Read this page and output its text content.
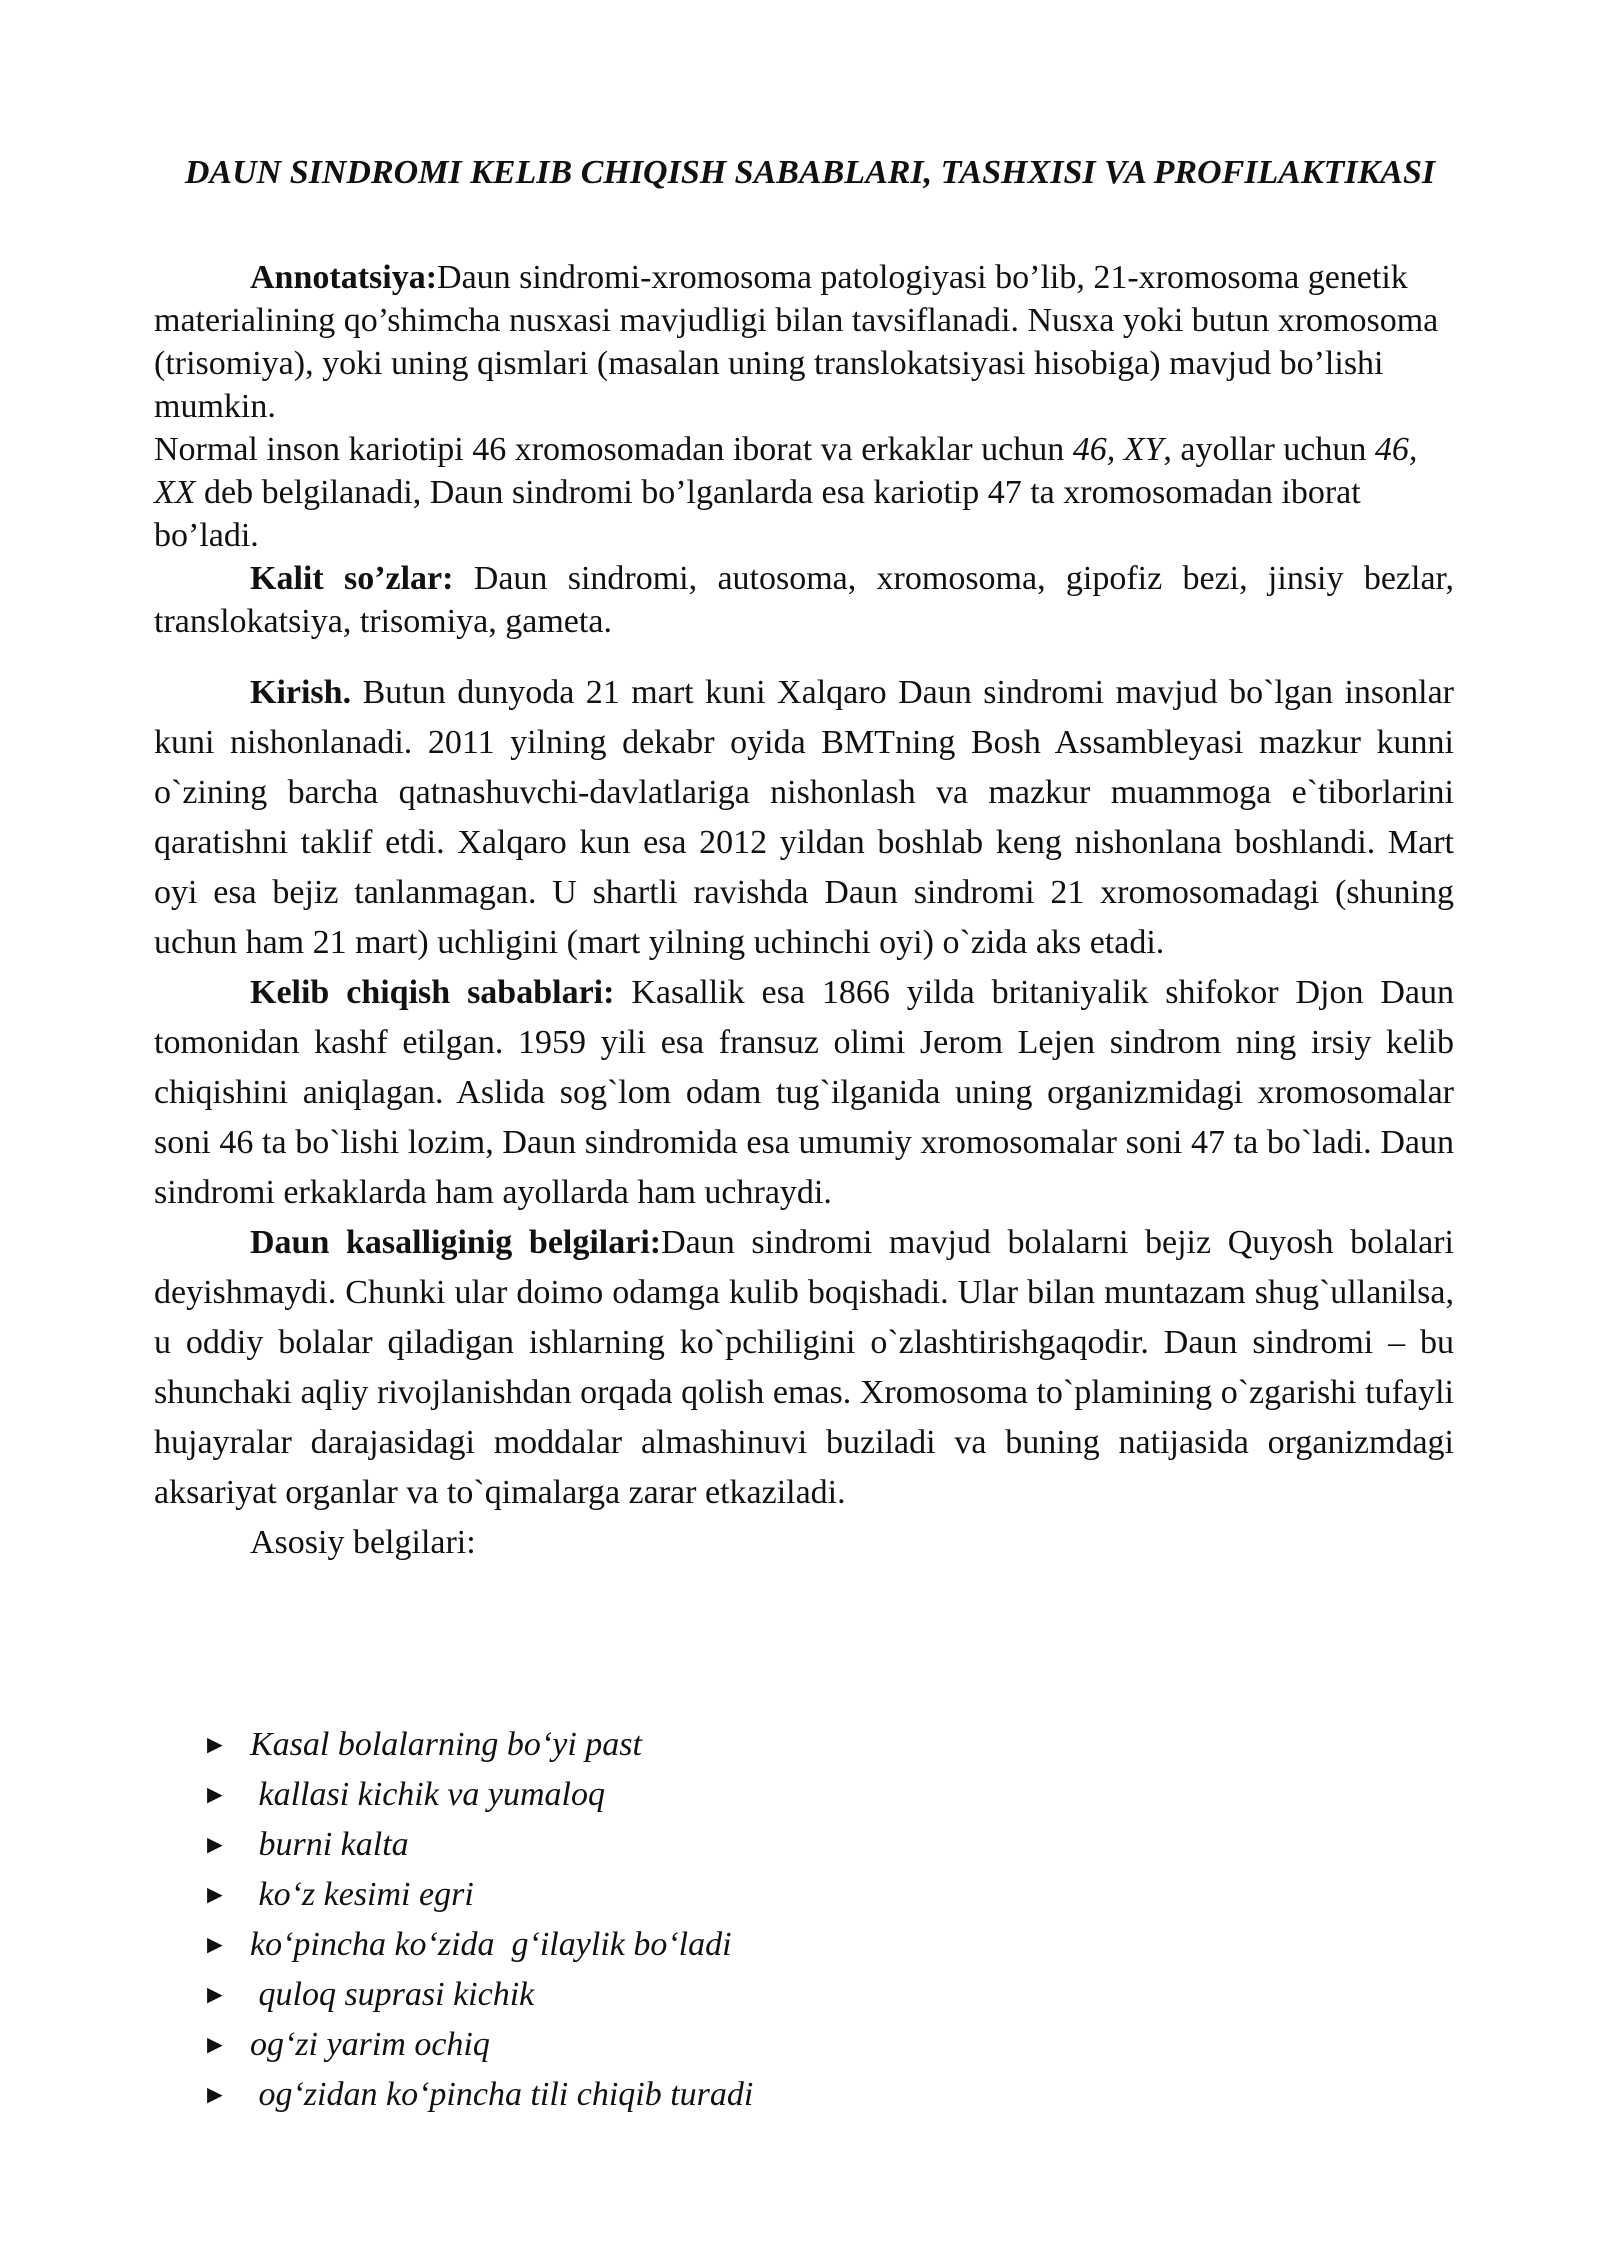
DAUN SINDROMI KELIB CHIQISH SABABLARI, TASHXISI VA PROFILAKTIKASI
Annotatsiya:Daun sindromi-xromosoma patologiyasi bo’lib, 21-xromosoma genetik materialining qo’shimcha nusxasi mavjudligi bilan tavsiflanadi. Nusxa yoki butun xromosoma (trisomiya), yoki uning qismlari (masalan uning translokatsiyasi hisobiga) mavjud bo’lishi mumkin.
Normal inson kariotipi 46 xromosomadan iborat va erkaklar uchun 46, XY, ayollar uchun 46, XX deb belgilanadi, Daun sindromi bo’lganlarda esa kariotip 47 ta xromosomadan iborat bo’ladi.
Kalit so’zlar: Daun sindromi, autosoma, xromosoma, gipofiz bezi, jinsiy bezlar, translokatsiya, trisomiya, gameta.
Kirish. Butun dunyoda 21 mart kuni Xalqaro Daun sindromi mavjud bo`lgan insonlar kuni nishonlanadi. 2011 yilning dekabr oyida BMTning Bosh Assambleyasi mazkur kunni o`zining barcha qatnashuvchi-davlatlariga nishonlash va mazkur muammoga e`tiborlarini qaratishni taklif etdi. Xalqaro kun esa 2012 yildan boshlab keng nishonlana boshlandi. Mart oyi esa bejiz tanlanmagan. U shartli ravishda Daun sindromi 21 xromosomadagi (shuning uchun ham 21 mart) uchligini (mart yilning uchinchi oyi) o`zida aks etadi.
Kelib chiqish sabablari: Kasallik esa 1866 yilda britaniyalik shifokor Djon Daun tomonidan kashf etilgan. 1959 yili esa fransuz olimi Jerom Lejen sindrom ning irsiy kelib chiqishini aniqlagan. Aslida sog`lom odam tug`ilganida uning organizmidagi xromosomalar soni 46 ta bo`lishi lozim, Daun sindromida esa umumiy xromosomalar soni 47 ta bo`ladi. Daun sindromi erkaklarda ham ayollarda ham uchraydi.
Daun kasalliginig belgilari:Daun sindromi mavjud bolalarni bejiz Quyosh bolalari deyishmaydi. Chunki ular doimo odamga kulib boqishadi. Ular bilan muntazam shug`ullanilsa, u oddiy bolalar qiladigan ishlarning ko`pchiligini o`zlashtirishgaqodir. Daun sindromi – bu shunchaki aqliy rivojlanishdan orqada qolish emas. Xromosoma to`plamining o`zgarishi tufayli hujayralar darajasidagi moddalar almashinuvi buziladi va buning natijasida organizmdagi aksariyat organlar va to`qimalarga zarar etkaziladi.
Asosiy belgilari:
► Kasal bolalarning bo‘yi past
► kallasi kichik va yumaloq
► burni kalta
► ko‘z kesimi egri
► ko‘pincha ko‘zida  g‘ilaylik bo‘ladi
► quloq suprasi kichik
► og‘zi yarim ochiq
► og‘zidan ko‘pincha tili chiqib turadi
